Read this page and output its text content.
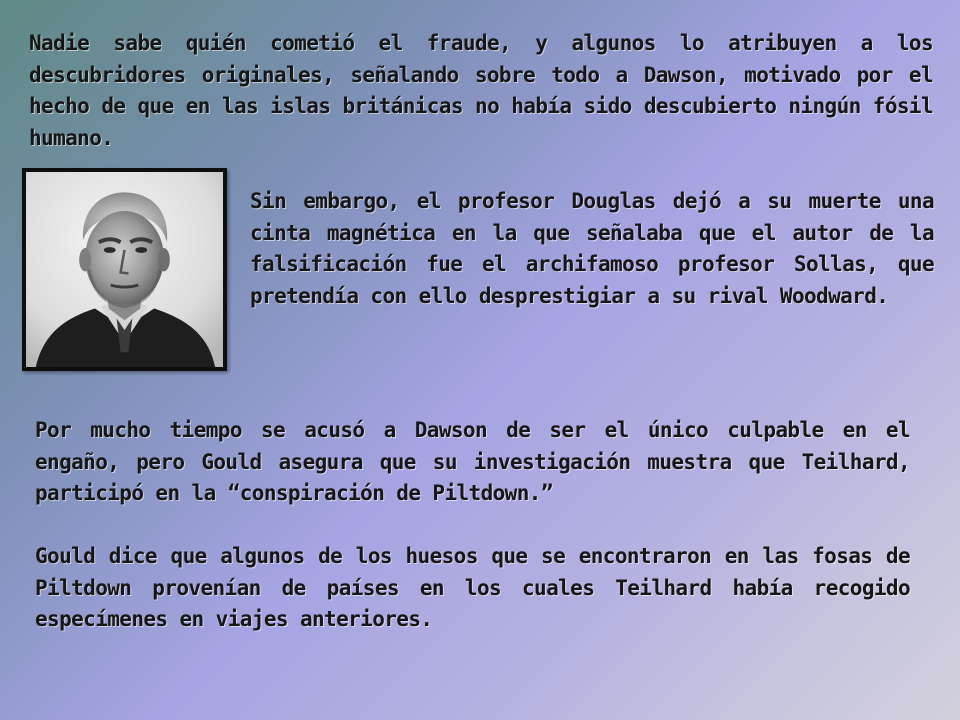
Nadie sabe quién cometió el fraude, y algunos lo atribuyen a los descubridores originales, señalando sobre todo a Dawson, motivado por el hecho de que en las islas británicas no había sido descubierto ningún fósil humano.

Sin embargo, el profesor Douglas dejó a su muerte una cinta magnética en la que señalaba que el autor de la falsificación fue el archifamoso profesor Sollas, que pretendía con ello desprestigiar a su rival Woodward.

Por mucho tiempo se acusó a Dawson de ser el único culpable en el engaño, pero Gould asegura que su investigación muestra que Teilhard, participó en la “conspiración de Piltdown.”

Gould dice que algunos de los huesos que se encontraron en las fosas de Piltdown provenían de países en los cuales Teilhard había recogido especímenes en viajes anteriores.
